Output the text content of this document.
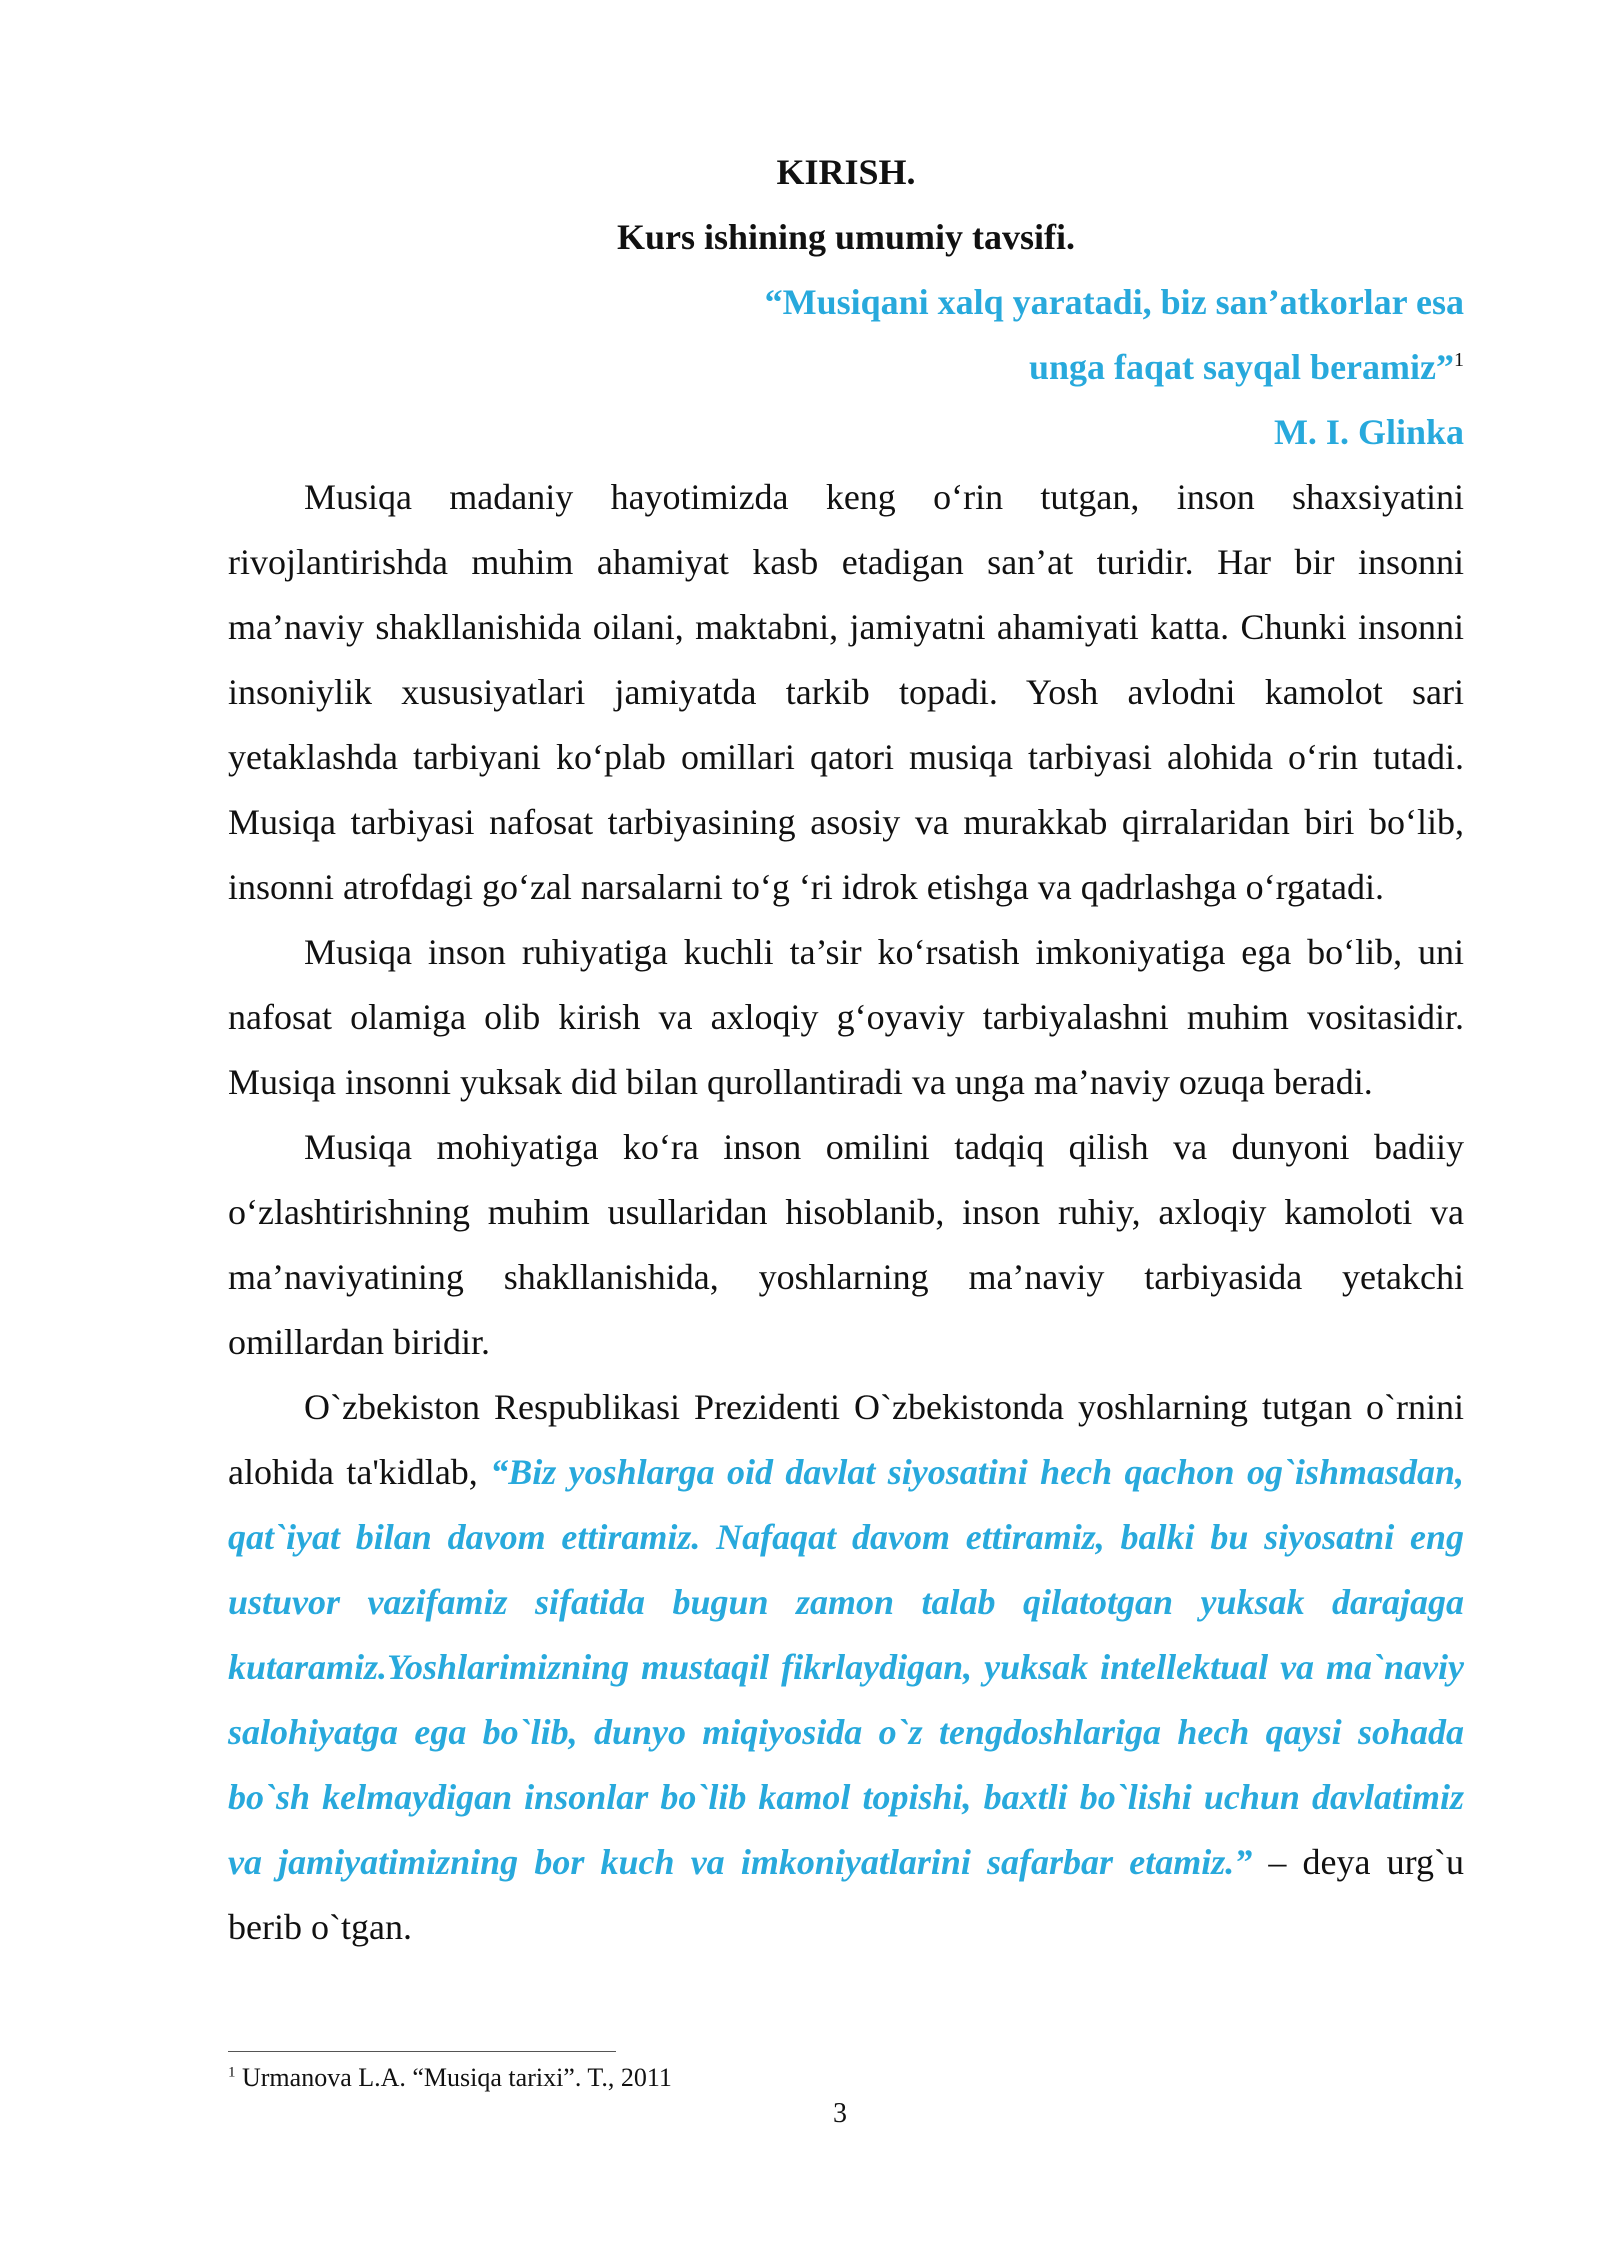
KIRISH.

Kurs ishining umumiy tavsifi.

“Musiqani xalq yaratadi, biz san’atkorlar esa

unga faqat sayqal beramiz”$^1$

M. I. Glinka

Musiqa madaniy hayotimizda keng o‘rin tutgan, inson shaxsiyatini rivojlantirishda muhim ahamiyat kasb etadigan san’at turidir. Har bir insonni ma’naviy shakllanishida oilani, maktabni, jamiyatni ahamiyati katta. Chunki insonni insoniylik xususiyatlari jamiyatda tarkib topadi. Yosh avlodni kamolot sari yetaklashda tarbiyani ko‘plab omillari qatori musiqa tarbiyasi alohida o‘rin tutadi. Musiqa tarbiyasi nafosat tarbiyasining asosiy va murakkab qirralaridan biri bo‘lib, insonni atrofdagi go‘zal narsalarni to‘g ‘ri idrok etishga va qadrlashga o‘rgatadi.

Musiqa inson ruhiyatiga kuchli ta’sir ko‘rsatish imkoniyatiga ega bo‘lib, uni nafosat olamiga olib kirish va axloqiy g‘oyaviy tarbiyalashni muhim vositasidir. Musiqa insonni yuksak did bilan qurollantiradi va unga ma’naviy ozuqa beradi.

Musiqa mohiyatiga ko‘ra inson omilini tadqiq qilish va dunyoni badiiy o‘zlashtirishning muhim usullaridan hisoblanib, inson ruhiy, axloqiy kamoloti va ma’naviyatining shakllanishida, yoshlarning ma’naviy tarbiyasida yetakchi omillardan biridir.

O`zbekiston Respublikasi Prezidenti O`zbekistonda yoshlarning tutgan o`rnini alohida ta'kidlab, “Biz yoshlarga oid davlat siyosatini hech qachon og`ishmasdan, qat`iyat bilan davom ettiramiz. Nafaqat davom ettiramiz, balki bu siyosatni eng ustuvor vazifamiz sifatida bugun zamon talab qilatotgan yuksak darajaga kutaramiz.Yoshlarimizning mustaqil fikrlaydigan, yuksak intellektual va ma`naviy salohiyatga ega bo`lib, dunyo miqiyosida o`z tengdoshlariga hech qaysi sohada bo`sh kelmaydigan insonlar bo`lib kamol topishi, baxtli bo`lishi uchun davlatimiz va jamiyatimizning bor kuch va imkoniyatlarini safarbar etamiz.” – deya urg`u berib o`tgan.

$^1$ Urmanova L.A. “Musiqa tarixi”. T., 2011
3
